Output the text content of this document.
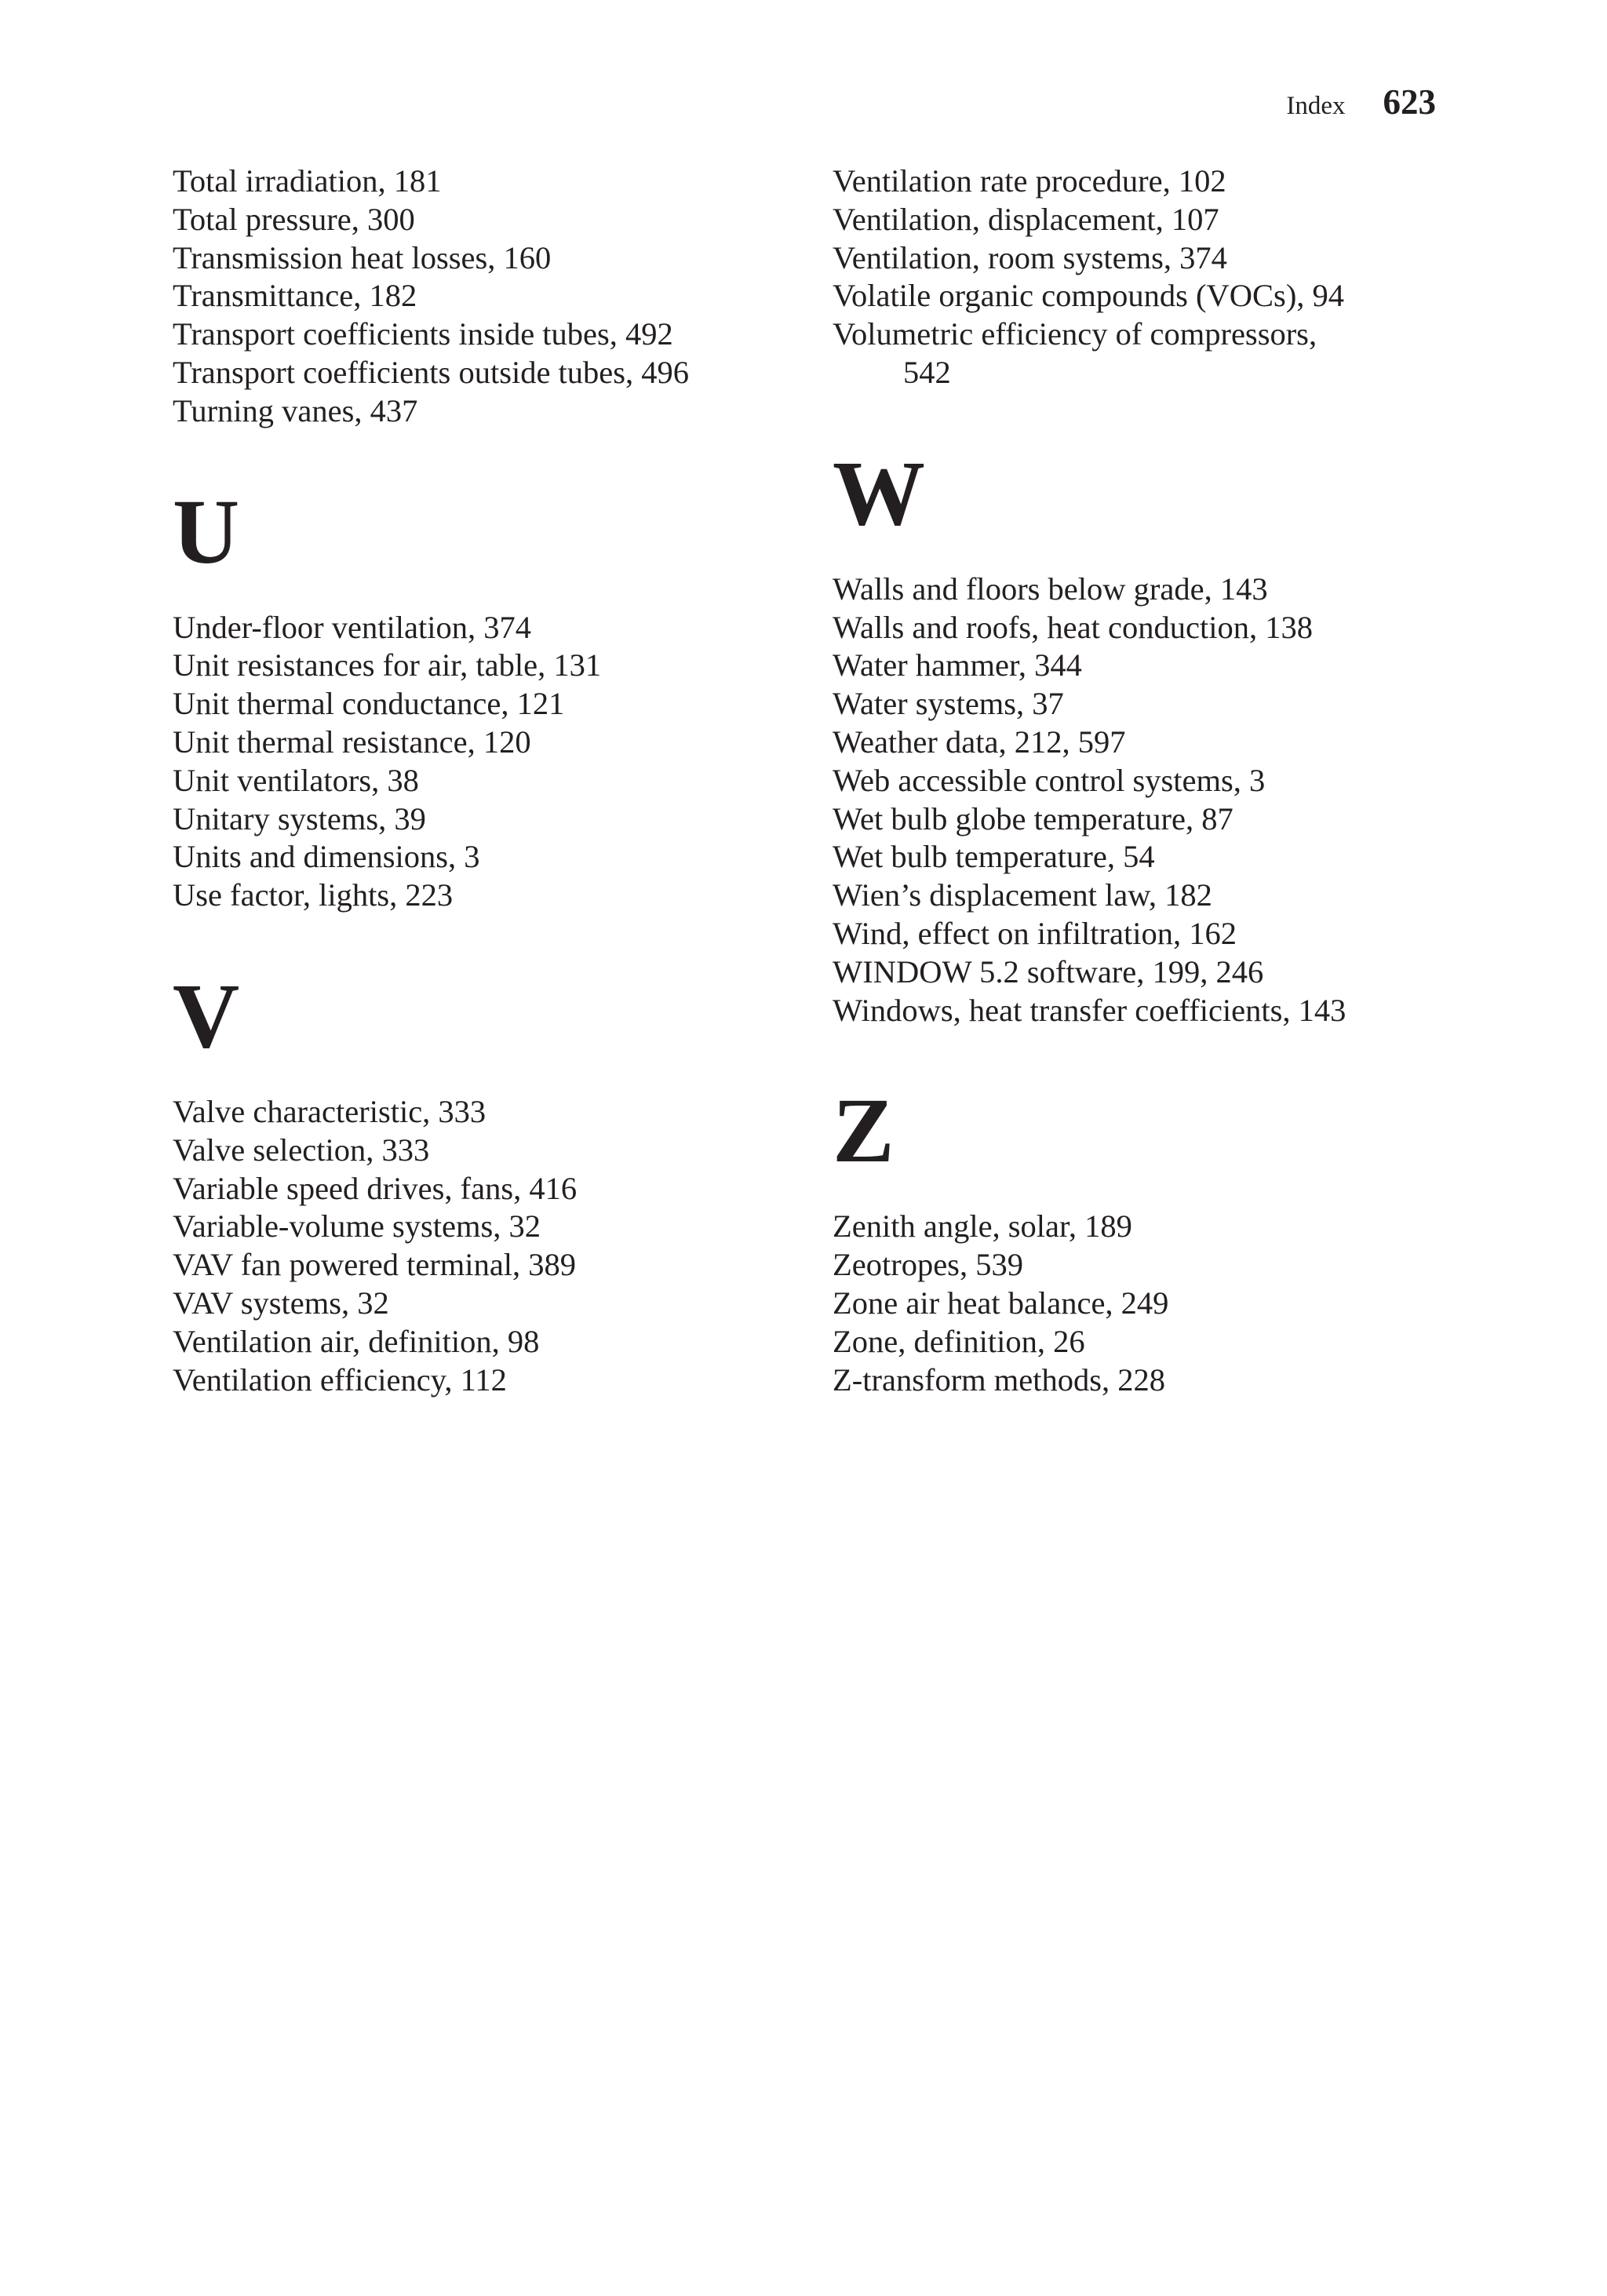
Index 623

Total irradiation, 181

Total pressure, 300

Transmission heat losses, 160

Transmittance, 182

Transport coefficients inside tubes, 492

Transport coefficients outside tubes, 496

Turning vanes, 437

U

Under-floor ventilation, 374

Unit resistances for air, table, 131

Unit thermal conductance, 121

Unit thermal resistance, 120

Unit ventilators, 38

Unitary systems, 39

Units and dimensions, 3

Use factor, lights, 223

V

Valve characteristic, 333

Valve selection, 333

Variable speed drives, fans, 416

Variable-volume systems, 32

VAV fan powered terminal, 389

VAV systems, 32

Ventilation air, definition, 98

Ventilation efficiency, 112

Ventilation rate procedure, 102

Ventilation, displacement, 107

Ventilation, room systems, 374

Volatile organic compounds (VOCs), 94

Volumetric efficiency of compressors,
542

W

Walls and floors below grade, 143

Walls and roofs, heat conduction, 138

Water hammer, 344

Water systems, 37

Weather data, 212, 597

Web accessible control systems, 3

Wet bulb globe temperature, 87

Wet bulb temperature, 54

Wien’s displacement law, 182

Wind, effect on infiltration, 162

WINDOW 5.2 software, 199, 246

Windows, heat transfer coefficients, 143

Z

Zenith angle, solar, 189

Zeotropes, 539

Zone air heat balance, 249

Zone, definition, 26

Z-transform methods, 228
